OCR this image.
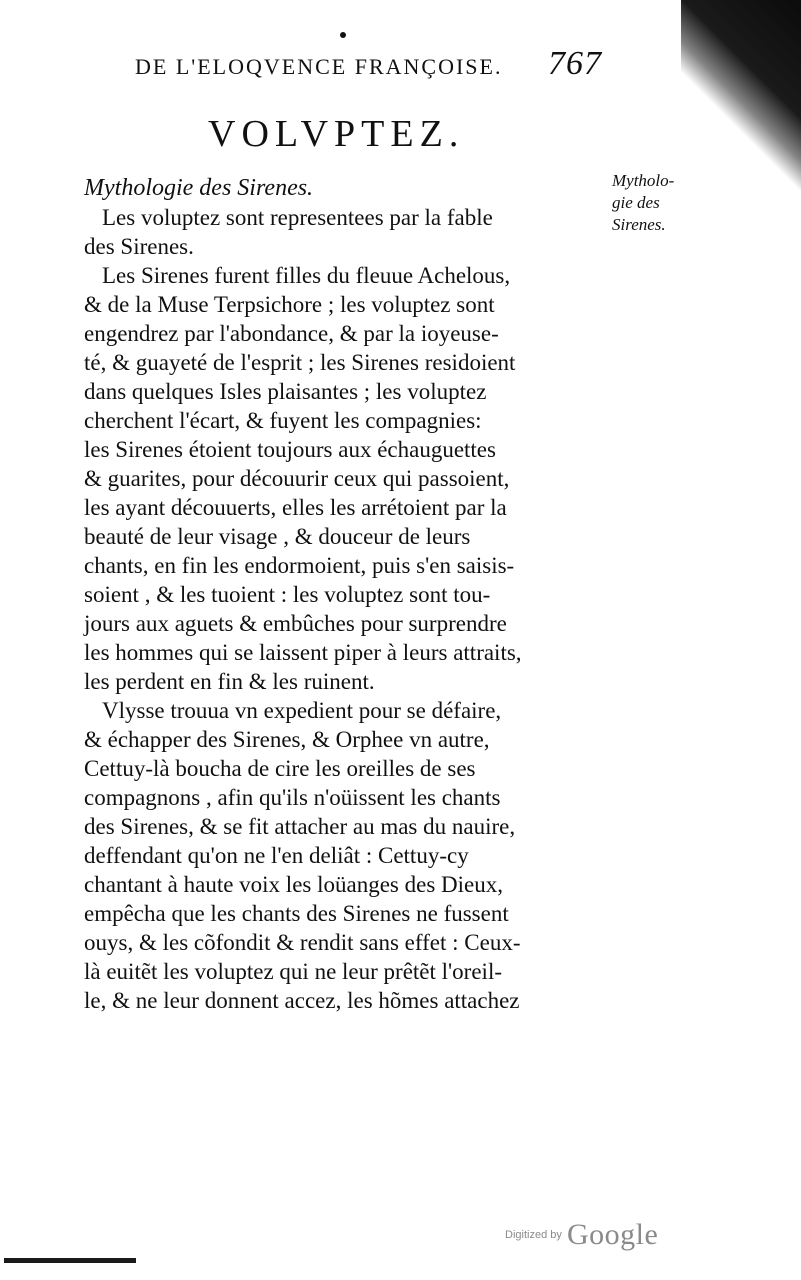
DE L'ELOQVENCE FRANÇOISE. 767
VOLVPTEZ.
Mytholo-
gie des
Sirenes.
Mythologie des Sirenes.
Les voluptez sont representees par la fable
des Sirenes.
Les Sirenes furent filles du fleuue Achelous,
& de la Muse Terpsichore ; les voluptez sont
engendrez par l'abondance, & par la ioyeuse-
té, & guayeté de l'esprit ; les Sirenes residoient
dans quelques Isles plaisantes ; les voluptez
cherchent l'écart, & fuyent les compagnies:
les Sirenes étoient toujours aux échauguettes
& guarites, pour découurir ceux qui passoient,
les ayant découuerts, elles les arrétoient par la
beauté de leur visage , & douceur de leurs
chants, en fin les endormoient, puis s'en saisis-
soient , & les tuoient : les voluptez sont tou-
jours aux aguets & embûches pour surprendre
les hommes qui se laissent piper à leurs attraits,
les perdent en fin & les ruinent.
Vlysse trouua vn expedient pour se défaire,
& échapper des Sirenes, & Orphee vn autre,
Cettuy-là boucha de cire les oreilles de ses
compagnons , afin qu'ils n'oüissent les chants
des Sirenes, & se fit attacher au mas du nauire,
deffendant qu'on ne l'en deliât : Cettuy-cy
chantant à haute voix les loüanges des Dieux,
empêcha que les chants des Sirenes ne fussent
ouys, & les cõfondit & rendit sans effet : Ceux-
là euitẽt les voluptez qui ne leur prêtẽt l'oreil-
le, & ne leur donnent accez, les hõmes attachez
Digitized by Google
